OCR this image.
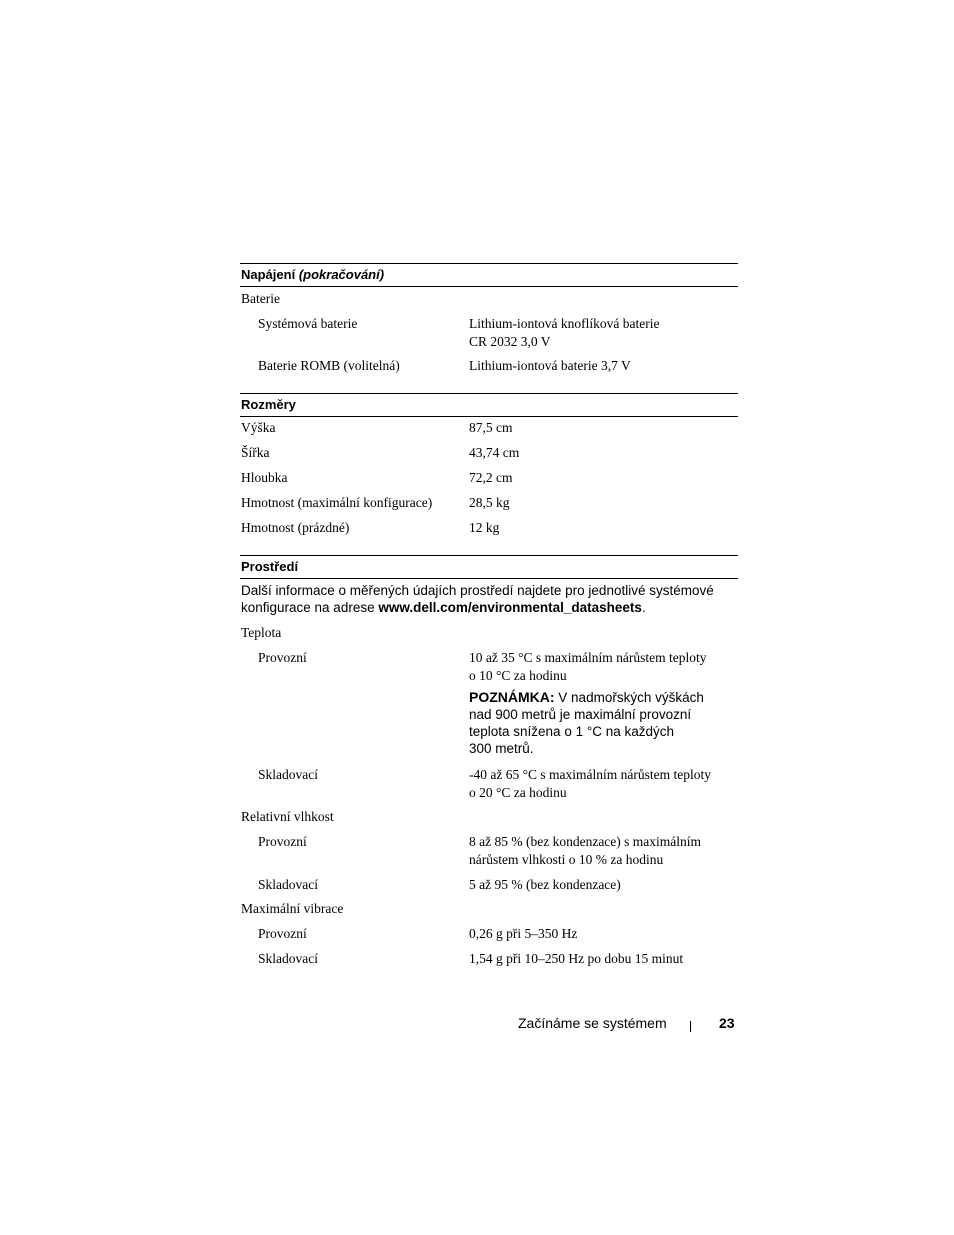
Napájení (pokračování)
Baterie
Systémová baterie	Lithium-iontová knoflíková baterie
CR 2032 3,0 V
Baterie ROMB (volitelná)	Lithium-iontová baterie 3,7 V
Rozměry
Výška	87,5 cm
Šířka	43,74 cm
Hloubka	72,2 cm
Hmotnost (maximální konfigurace)	28,5 kg
Hmotnost (prázdné)	12 kg
Prostředí
Další informace o měřených údajích prostředí najdete pro jednotlivé systémové
konfigurace na adrese www.dell.com/environmental_datasheets.
Teplota
Provozní	10 až 35 °C s maximálním nárůstem teploty
o 10 °C za hodinu
POZNÁMKA: V nadmořských výškách
nad 900 metrů je maximální provozní
teplota snížena o 1 °C na každých
300 metrů.
Skladovací	-40 až 65 °C s maximálním nárůstem teploty
o 20 °C za hodinu
Relativní vlhkost
Provozní	8 až 85 % (bez kondenzace) s maximálním
nárůstem vlhkosti o 10 % za hodinu
Skladovací	5 až 95 % (bez kondenzace)
Maximální vibrace
Provozní	0,26 g při 5–350 Hz
Skladovací	1,54 g při 10–250 Hz po dobu 15 minut
Začínáme se systémem	23
